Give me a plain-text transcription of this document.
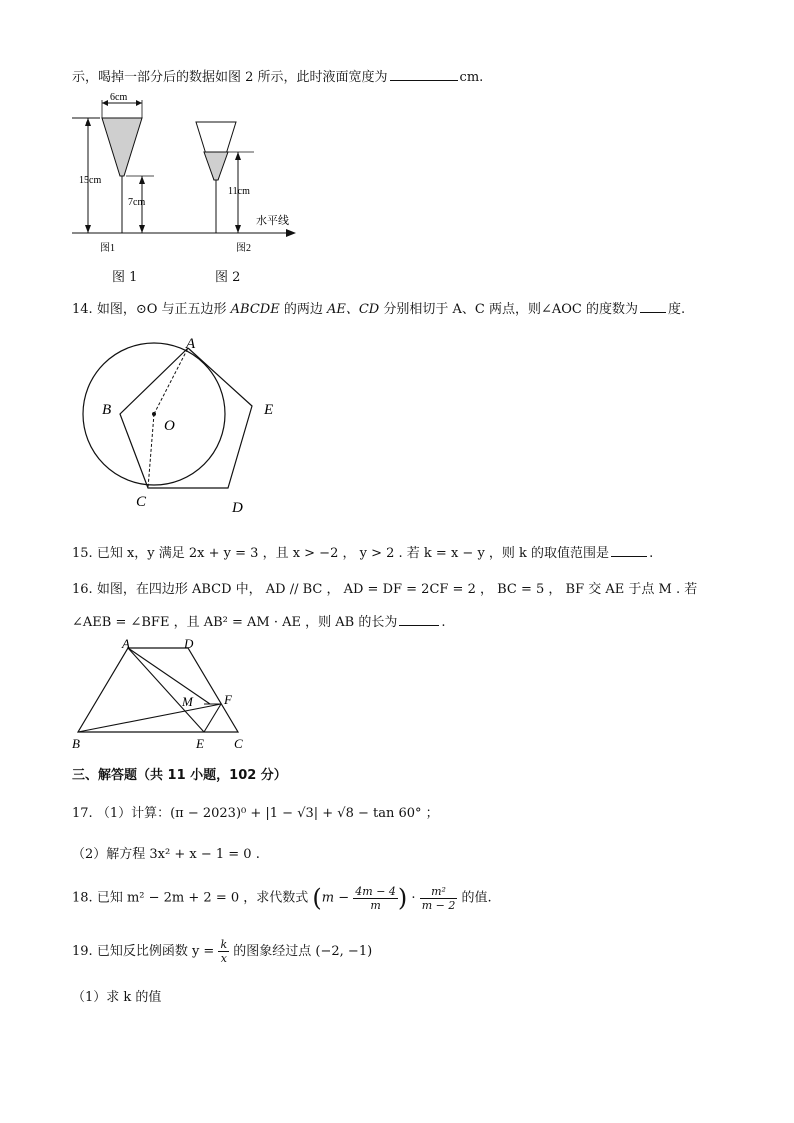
示，喝掉一部分后的数据如图 2 所示，此时液面宽度为	cm.
15cm
6cm
7cm
11cm
水平线
图1	图2
图 1	图 2
14. 如图，⊙O 与正五边形 ABCDE 的两边 AE、CD 分别相切于 A、C 两点，则∠AOC 的度数为 度.
A
B
C	D
E
O
15. 已知 x，y 满足 2x + y = 3 ，且 x > −2 ， y > 2 . 若 k = x − y ，则 k 的取值范围是	.
16. 如图，在四边形 ABCD 中， AD // BC ， AD = DF = 2CF = 2 ， BC = 5 ， BF 交 AE 于点 M . 若
∠AEB = ∠BFE ，且 AB² = AM · AE ，则 AB 的长为	.
A	D
M F
B	E C
三、解答题（共 11 小题，102 分）
17. （1）计算：(π − 2023)⁰ + |1 − √3| + √8 − tan 60° ；
（2）解方程 3x² + x − 1 = 0 .
18. 已知 m² − 2m + 2 = 0 ，求代数式 ($m - \frac{4m - 4}{m}$ ) · $\frac{\text{m²}}{m - 2}$ 的值.
19. 已知反比例函数 $y = \frac{k}{x}$ 的图象经过点 (−2, −1)
（1）求 k 的值
